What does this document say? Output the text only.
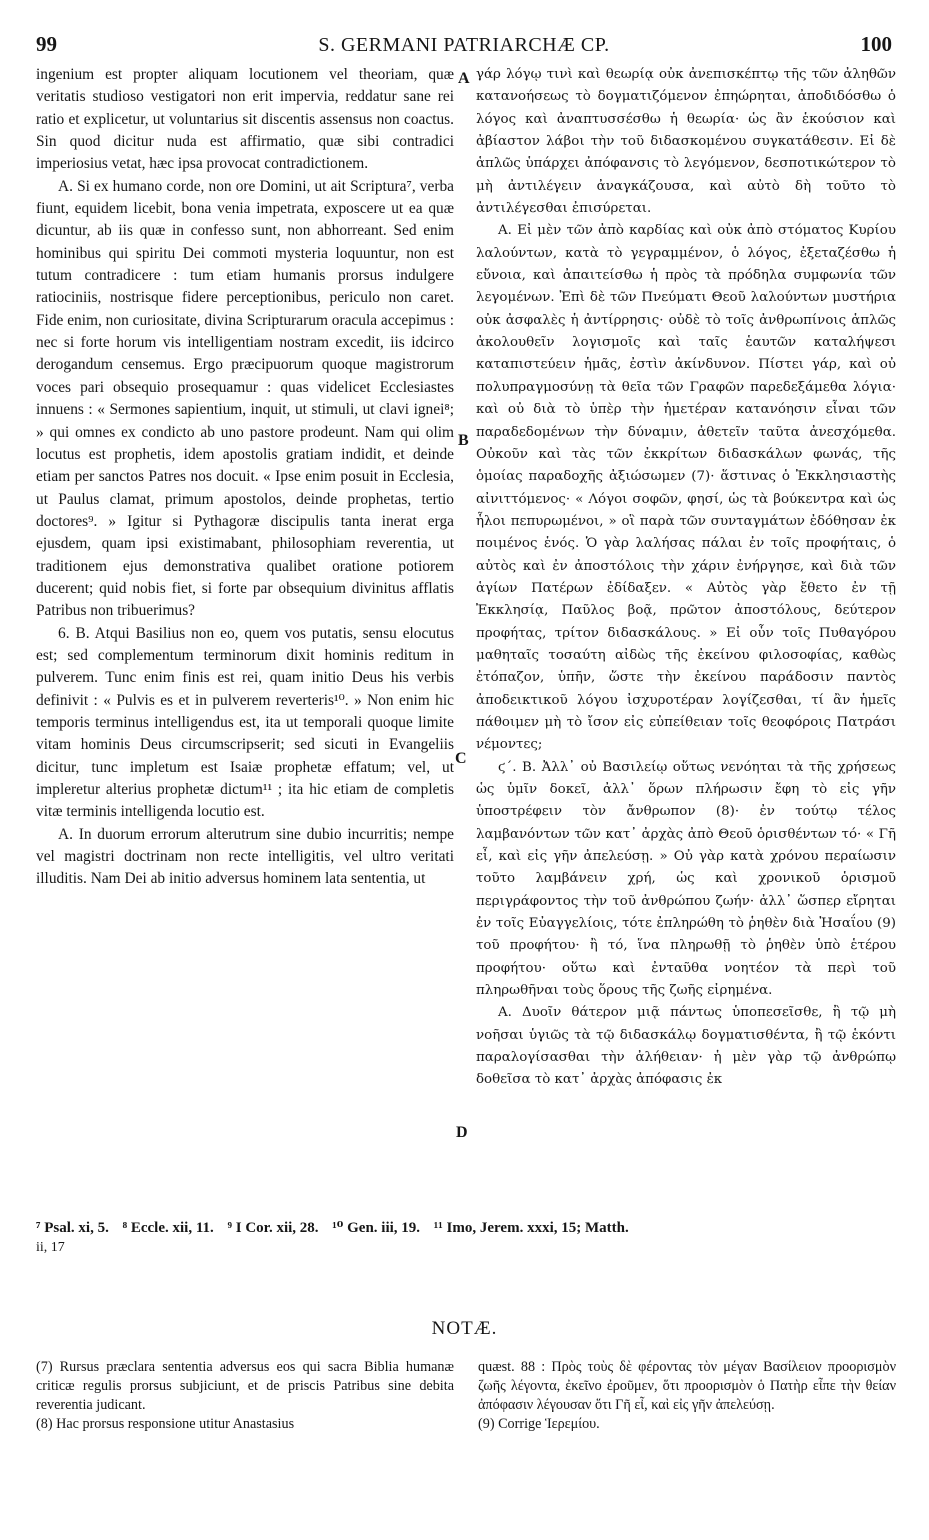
99	S. GERMANI PATRIARCHÆ CP.	100

ingenium est propter aliquam locutionem vel theoriam, quæ veritatis studioso vestigatori non erit impervia, reddatur sane rei ratio et explicetur, ut voluntarius sit discentis assensus non coactus. Sin quod dicitur nuda est affirmatio, quæ sibi contradici imperiosius vetat, hæc ipsa provocat contradictionem.

A. Si ex humano corde, non ore Domini, ut ait Scriptura⁷, verba fiunt, equidem licebit, bona venia impetrata, exposcere ut ea quæ dicuntur, ab iis quæ in confesso sunt, non abhorreant. Sed enim hominibus qui spiritu Dei commoti mysteria loquuntur, non est tutum contradicere : tum etiam humanis prorsus indulgere ratiociniis, nostrisque fidere perceptionibus, periculo non caret. Fide enim, non curiositate, divina Scripturarum oracula accepimus : nec si forte horum vis intelligentiam nostram excedit, iis idcirco derogandum censemus. Ergo præcipuorum quoque magistrorum voces pari obsequio prosequamur : quas videlicet Ecclesiastes innuens : « Sermones sapientium, inquit, ut stimuli, ut clavi ignei⁸; » qui omnes ex condicto ab uno pastore prodeunt. Nam qui olim locutus est prophetis, idem apostolis gratiam indidit, et deinde etiam per sanctos Patres nos docuit. « Ipse enim posuit in Ecclesia, ut Paulus clamat, primum apostolos, deinde prophetas, tertio doctores⁹. » Igitur si Pythagoræ discipulis tanta inerat erga ejusdem, quam ipsi existimabant, philosophiam reverentia, ut traditionem ejus demonstrativa qualibet oratione potiorem ducerent; quid nobis fiet, si forte par obsequium divinitus afflatis Patribus non tribuerimus?

6. B. Atqui Basilius non eo, quem vos putatis, sensu elocutus est; sed complementum terminorum dixit hominis reditum in pulverem. Tunc enim finis est rei, quam initio Deus his verbis definivit : « Pulvis es et in pulverem reverteris¹⁰. » Non enim hic temporis terminus intelligendus est, ita ut temporali quoque limite vitam hominis Deus circumscripserit; sed sicuti in Evangeliis dicitur, tunc impletum est Isaiæ prophetæ effatum; vel, ut impleretur alterius prophetæ dictum¹¹ ; ita hic etiam de completis vitæ terminis intelligenda locutio est.

A. In duorum errorum alterutrum sine dubio incurritis; nempe vel magistri doctrinam non recte intelligitis, vel ultro veritati illuditis. Nam Dei ab initio adversus hominem lata sententia, ut

A
B
C
D

γάρ λόγῳ τινὶ καὶ θεωρίᾳ οὐκ ἀνεπισκέπτῳ τῆς τῶν ἀληθῶν κατανοήσεως τὸ δογματιζόμενον ἐπηώρηται, ἀποδιδόσθω ὁ λόγος καὶ ἀναπτυσσέσθω ἡ θεωρία· ὡς ἂν ἑκούσιον καὶ ἀβίαστον λάβοι τὴν τοῦ διδασκομένου συγκατάθεσιν. Εἰ δὲ ἁπλῶς ὑπάρχει ἀπόφανσις τὸ λεγόμενον, δεσποτικώτερον τὸ μὴ ἀντιλέγειν ἀναγκάζουσα, καὶ αὐτὸ δὴ τοῦτο τὸ ἀντιλέγεσθαι ἐπισύρεται.

Α. Εἰ μὲν τῶν ἀπὸ καρδίας καὶ οὐκ ἀπὸ στόματος Κυρίου λαλούντων, κατὰ τὸ γεγραμμένον, ὁ λόγος, ἐξεταζέσθω ἡ εὔνοια, καὶ ἀπαιτείσθω ἡ πρὸς τὰ πρόδηλα συμφωνία τῶν λεγομένων. Ἐπὶ δὲ τῶν Πνεύματι Θεοῦ λαλούντων μυστήρια οὐκ ἀσφαλὲς ἡ ἀντίρρησις· οὐδὲ τὸ τοῖς ἀνθρωπίνοις ἁπλῶς ἀκολουθεῖν λογισμοῖς καὶ ταῖς ἑαυτῶν καταλήψεσι καταπιστεύειν ἡμᾶς, ἐστὶν ἀκίνδυνον. Πίστει γάρ, καὶ οὐ πολυπραγμοσύνῃ τὰ θεῖα τῶν Γραφῶν παρεδεξάμεθα λόγια· καὶ οὐ διὰ τὸ ὑπὲρ τὴν ἡμετέραν κατανόησιν εἶναι τῶν παραδεδομένων τὴν δύναμιν, ἀθετεῖν ταῦτα ἀνεσχόμεθα. Οὐκοῦν καὶ τὰς τῶν ἐκκρίτων διδασκάλων φωνάς, τῆς ὁμοίας παραδοχῆς ἀξιώσωμεν (7)· ἅστινας ὁ Ἐκκλησιαστὴς αἰνιττόμενος· « Λόγοι σοφῶν, φησί, ὡς τὰ βούκεντρα καὶ ὡς ἧλοι πεπυρωμένοι, » οἳ παρὰ τῶν συνταγμάτων ἐδόθησαν ἐκ ποιμένος ἑνός. Ὁ γὰρ λαλήσας πάλαι ἐν τοῖς προφήταις, ὁ αὐτὸς καὶ ἐν ἀποστόλοις τὴν χάριν ἐνήργησε, καὶ διὰ τῶν ἁγίων Πατέρων ἐδίδαξεν. « Αὐτὸς γὰρ ἔθετο ἐν τῇ Ἐκκλησίᾳ, Παῦλος βοᾷ, πρῶτον ἀποστόλους, δεύτερον προφήτας, τρίτον διδασκάλους. » Εἰ οὖν τοῖς Πυθαγόρου μαθηταῖς τοσαύτη αἰδὼς τῆς ἐκείνου φιλοσοφίας, καθὼς ἐτόπαζον, ὑπῆν, ὥστε τὴν ἐκείνου παράδοσιν παντὸς ἀποδεικτικοῦ λόγου ἰσχυροτέραν λογίζεσθαι, τί ἂν ἡμεῖς πάθοιμεν μὴ τὸ ἴσον εἰς εὐπείθειαν τοῖς θεοφόροις Πατράσι νέμοντες;

ϛ΄. Β. Ἀλλ᾽ οὐ Βασιλείῳ οὕτως νενόηται τὰ τῆς χρήσεως ὡς ὑμῖν δοκεῖ, ἀλλ᾽ ὅρων πλήρωσιν ἔφη τὸ εἰς γῆν ὑποστρέφειν τὸν ἄνθρωπον (8)· ἐν τούτῳ τέλος λαμβανόντων τῶν κατ᾽ ἀρχὰς ἀπὸ Θεοῦ ὁρισθέντων τό· « Γῆ εἶ, καὶ εἰς γῆν ἀπελεύσῃ. » Οὐ γὰρ κατὰ χρόνου περαίωσιν τοῦτο λαμβάνειν χρή, ὡς καὶ χρονικοῦ ὁρισμοῦ περιγράφοντος τὴν τοῦ ἀνθρώπου ζωήν· ἀλλ᾽ ὥσπερ εἴρηται ἐν τοῖς Εὐαγγελίοις, τότε ἐπληρώθη τὸ ῥηθὲν διὰ Ἠσαΐου (9) τοῦ προφήτου· ἢ τό, ἵνα πληρωθῇ τὸ ῥηθὲν ὑπὸ ἑτέρου προφήτου· οὕτω καὶ ἐνταῦθα νοητέον τὰ περὶ τοῦ πληρωθῆναι τοὺς ὅρους τῆς ζωῆς εἰρημένα.

Α. Δυοῖν θάτερον μιᾷ πάντως ὑποπεσεῖσθε, ἢ τῷ μὴ νοῆσαι ὑγιῶς τὰ τῷ διδασκάλῳ δογματισθέντα, ἢ τῷ ἑκόντι παραλογίσασθαι τὴν ἀλήθειαν· ἡ μὲν γὰρ τῷ ἀνθρώπῳ δοθεῖσα τὸ κατ᾽ ἀρχὰς ἀπόφασις ἐκ

⁷ Psal. xi, 5. ⁸ Eccle. xii, 11. ⁹ I Cor. xii, 28. ¹⁰ Gen. iii, 19. ¹¹ Imo, Jerem. xxxi, 15; Matth.
ii, 17
NOTÆ.

(7) Rursus præclara sententia adversus eos qui sacra Biblia humanæ criticæ regulis prorsus subjiciunt, et de priscis Patribus sine debita reverentia judicant.

(8) Hac prorsus responsione utitur Anastasius

quæst. 88 : Πρὸς τοὺς δὲ φέροντας τὸν μέγαν Βασίλειον προορισμὸν ζωῆς λέγοντα, ἐκεῖνο ἐροῦμεν, ὅτι προορισμὸν ὁ Πατὴρ εἶπε τὴν θείαν ἀπόφασιν λέγουσαν ὅτι Γῆ εἶ, καὶ εἰς γῆν ἀπελεύσῃ.

(9) Corrige Ἱερεμίου.
